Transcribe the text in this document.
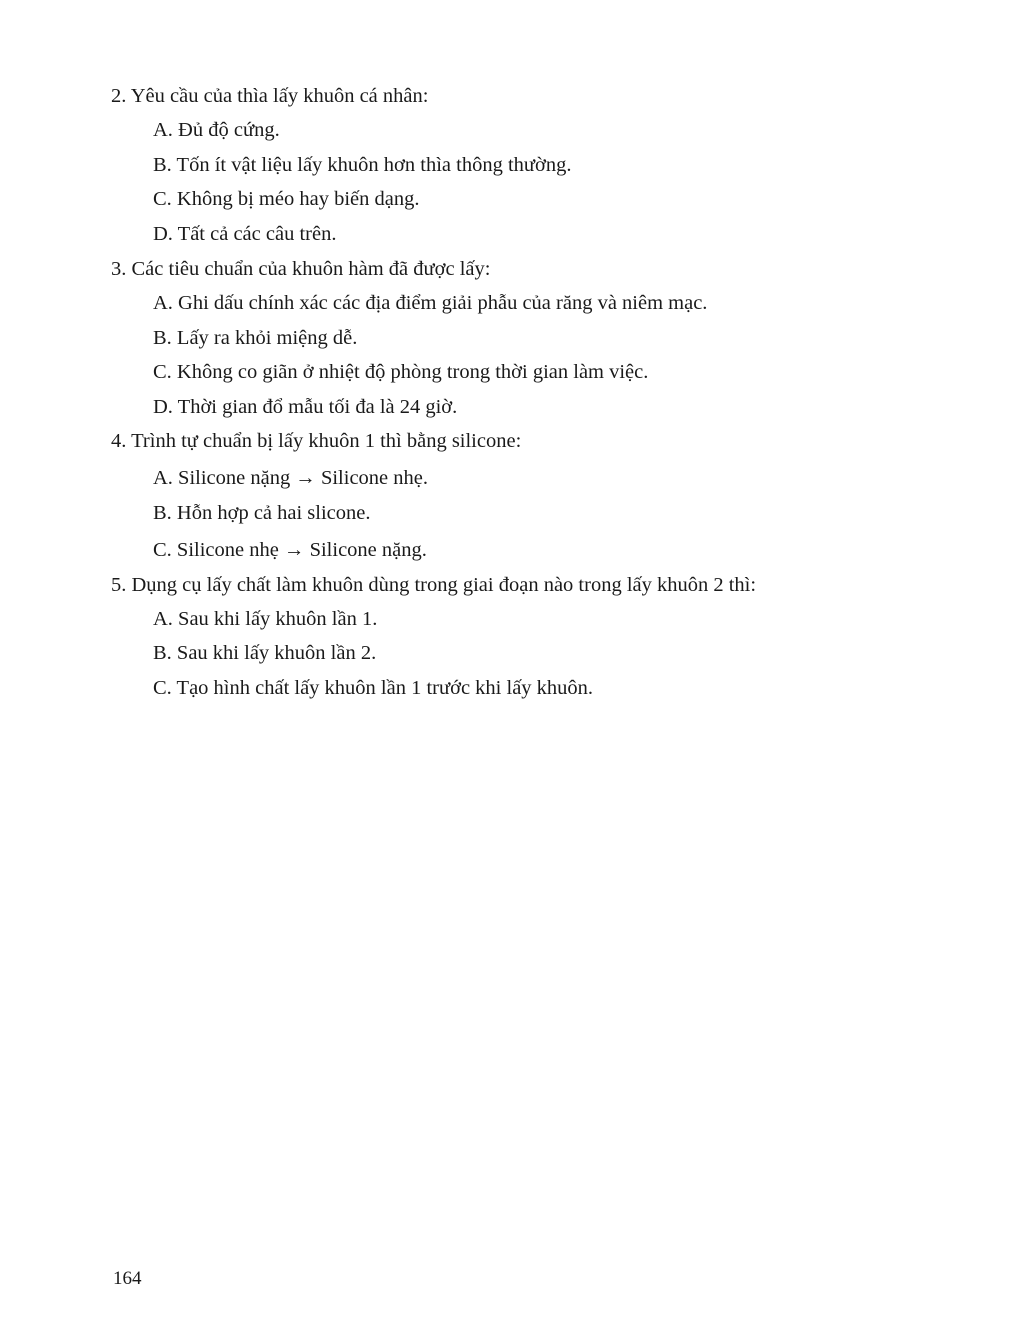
2. Yêu cầu của thìa lấy khuôn cá nhân:
A. Đủ độ cứng.
B. Tốn ít vật liệu lấy khuôn hơn thìa thông thường.
C. Không bị méo hay biến dạng.
D. Tất cả các câu trên.
3. Các tiêu chuẩn của khuôn hàm đã được lấy:
A. Ghi dấu chính xác các địa điểm giải phẫu của răng và niêm mạc.
B. Lấy ra khỏi miệng dễ.
C. Không co giãn ở nhiệt độ phòng trong thời gian làm việc.
D. Thời gian đổ mẫu tối đa là 24 giờ.
4. Trình tự chuẩn bị lấy khuôn 1 thì bằng silicone:
A. Silicone nặng → Silicone nhẹ.
B. Hỗn hợp cả hai slicone.
C. Silicone nhẹ → Silicone nặng.
5. Dụng cụ lấy chất làm khuôn dùng trong giai đoạn nào trong lấy khuôn 2 thì:
A. Sau khi lấy khuôn lần 1.
B. Sau khi lấy khuôn lần 2.
C. Tạo hình chất lấy khuôn lần 1 trước khi lấy khuôn.
164
